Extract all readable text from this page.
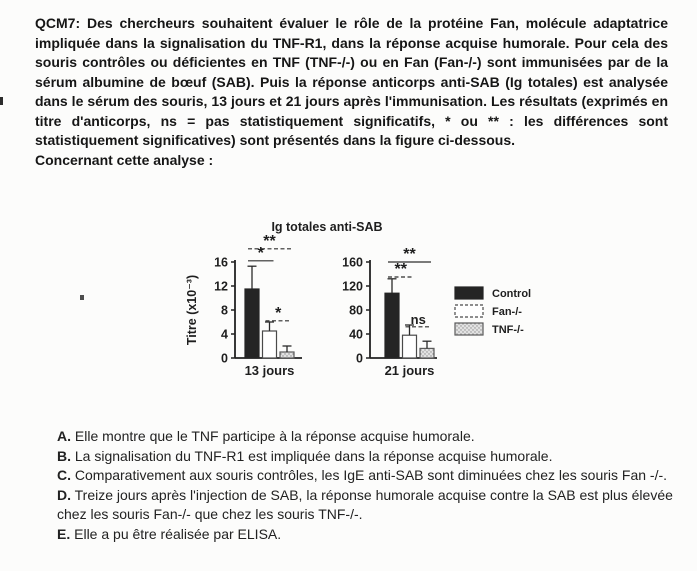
QCM7: Des chercheurs souhaitent évaluer le rôle de la protéine Fan, molécule adaptatrice impliquée dans la signalisation du TNF-R1, dans la réponse acquise humorale. Pour cela des souris contrôles ou déficientes en TNF (TNF-/-) ou en Fan (Fan-/-) sont immunisées par de la sérum albumine de bœuf (SAB). Puis la réponse anticorps anti-SAB (Ig totales) est analysée dans le sérum des souris, 13 jours et 21 jours après l'immunisation. Les résultats (exprimés en titre d'anticorps, ns = pas statistiquement significatifs, * ou ** : les différences sont statistiquement significatives) sont présentés dans la figure ci-dessous.

Concernant cette analyse :

Ig totales anti-SAB
Titre (x10⁻³)
0
4
8
12
16
**
*
*
13 jours
0
40
80
120
160	**
**
ns
21 jours
Control
Fan-/-
TNF-/-
A. Elle montre que le TNF participe à la réponse acquise humorale.
B. La signalisation du TNF-R1 est impliquée dans la réponse acquise humorale.
C. Comparativement aux souris contrôles, les IgE anti-SAB sont diminuées chez les souris Fan -/-.
D. Treize jours après l'injection de SAB, la réponse humorale acquise contre la SAB est plus élevée chez les souris Fan-/- que chez les souris TNF-/-.
E. Elle a pu être réalisée par ELISA.
